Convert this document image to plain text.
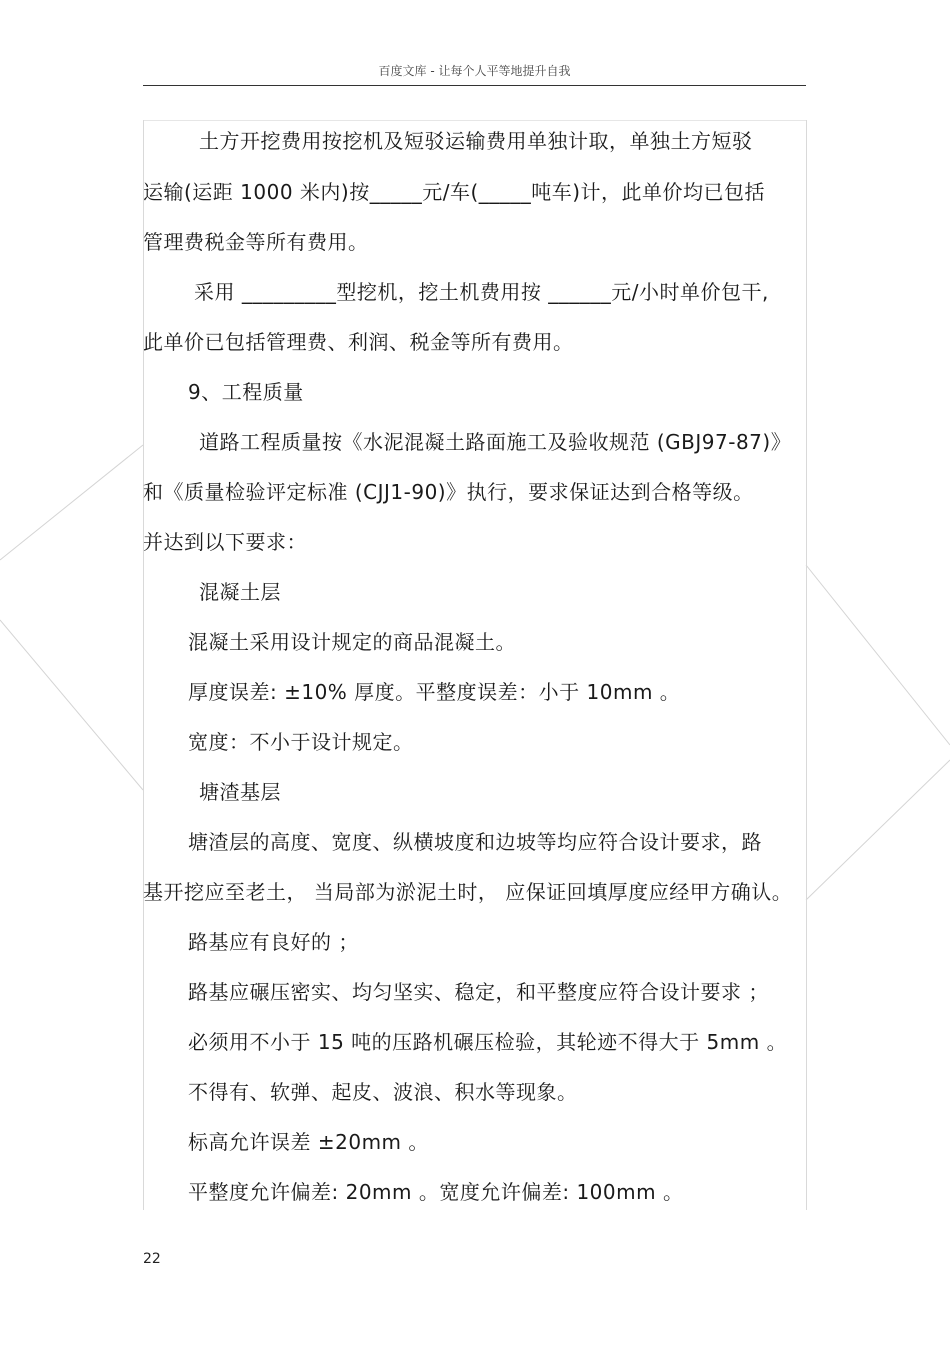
百度文库 - 让每个人平等地提升自我
土方开挖费用按挖机及短驳运输费用单独计取，单独土方短驳
运输(运距 1000 米内)按_____元/车(_____吨车)计，此单价均已包括
管理费税金等所有费用。
采用 _________型挖机，挖土机费用按 ______元/小时单价包干,
此单价已包括管理费、利润、税金等所有费用。
9、工程质量
道路工程质量按《水泥混凝土路面施工及验收规范 (GBJ97-87)》
和《质量检验评定标准 (CJJ1-90)》执行，要求保证达到合格等级。
并达到以下要求：
混凝土层
混凝土采用设计规定的商品混凝土。
厚度误差: ±10% 厚度。平整度误差：小于 10mm 。
宽度：不小于设计规定。
塘渣基层
塘渣层的高度、宽度、纵横坡度和边坡等均应符合设计要求，路
基开挖应至老土， 当局部为淤泥土时， 应保证回填厚度应经甲方确认。
路基应有良好的 ；
路基应碾压密实、均匀坚实、稳定，和平整度应符合设计要求 ；
必须用不小于 15 吨的压路机碾压检验，其轮迹不得大于 5mm 。
不得有、软弹、起皮、波浪、积水等现象。
标高允许误差 ±20mm 。
平整度允许偏差: 20mm 。宽度允许偏差: 100mm 。
22
